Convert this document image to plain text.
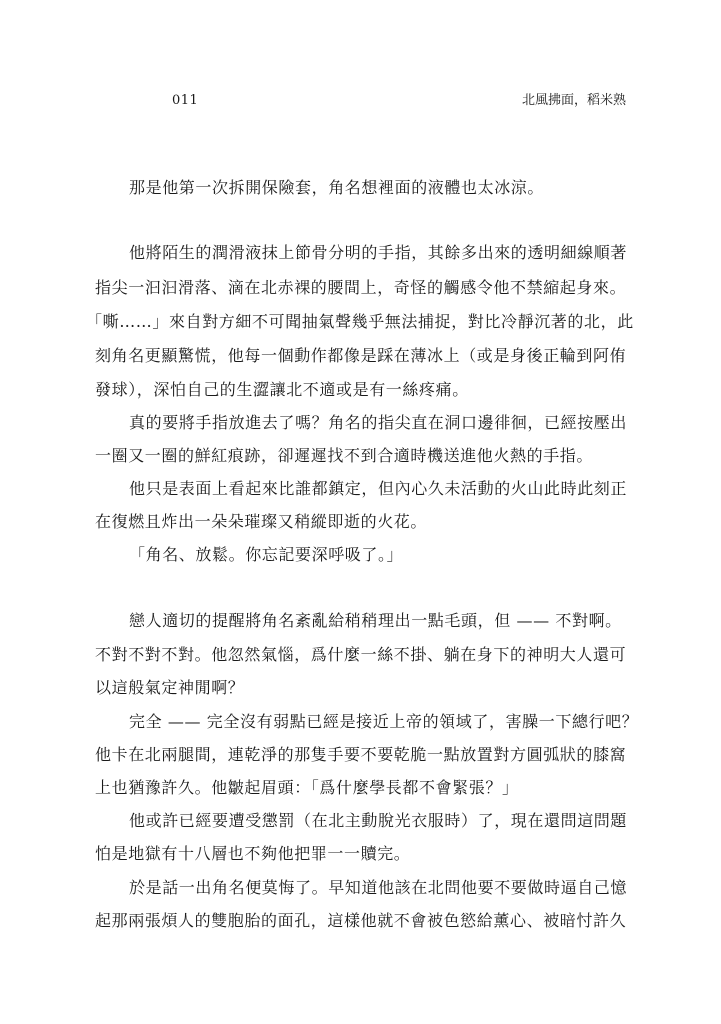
011	北風拂面，稻米熟
那是他第一次拆開保險套，角名想裡面的液體也太冰涼。
他將陌生的潤滑液抹上節骨分明的手指，其餘多出來的透明細線順著
指尖一汩汩滑落、滴在北赤裸的腰間上，奇怪的觸感令他不禁縮起身來。
「嘶……」來自對方細不可聞抽氣聲幾乎無法捕捉，對比冷靜沉著的北，此
刻角名更顯驚慌，他每一個動作都像是踩在薄冰上（或是身後正輪到阿侑
發球），深怕自己的生澀讓北不適或是有一絲疼痛。
真的要將手指放進去了嗎？角名的指尖直在洞口邊徘徊，已經按壓出
一圈又一圈的鮮紅痕跡，卻遲遲找不到合適時機送進他火熱的手指。
他只是表面上看起來比誰都鎮定，但內心久未活動的火山此時此刻正
在復燃且炸出一朵朵璀璨又稍縱即逝的火花。
「角名、放鬆。你忘記要深呼吸了。」
戀人適切的提醒將角名紊亂給稍稍理出一點毛頭，但 —— 不對啊。
不對不對不對。他忽然氣惱，爲什麼一絲不掛、躺在身下的神明大人還可
以這般氣定神閒啊？
完全 —— 完全沒有弱點已經是接近上帝的領域了，害臊一下總行吧？
他卡在北兩腿間，連乾淨的那隻手要不要乾脆一點放置對方圓弧狀的膝窩
上也猶豫許久。他皺起眉頭：「爲什麼學長都不會緊張？」
他或許已經要遭受懲罰（在北主動脫光衣服時）了，現在還問這問題
怕是地獄有十八層也不夠他把罪一一贖完。
於是話一出角名便莫悔了。早知道他該在北問他要不要做時逼自己憶
起那兩張煩人的雙胞胎的面孔，這樣他就不會被色慾給薰心、被暗忖許久
